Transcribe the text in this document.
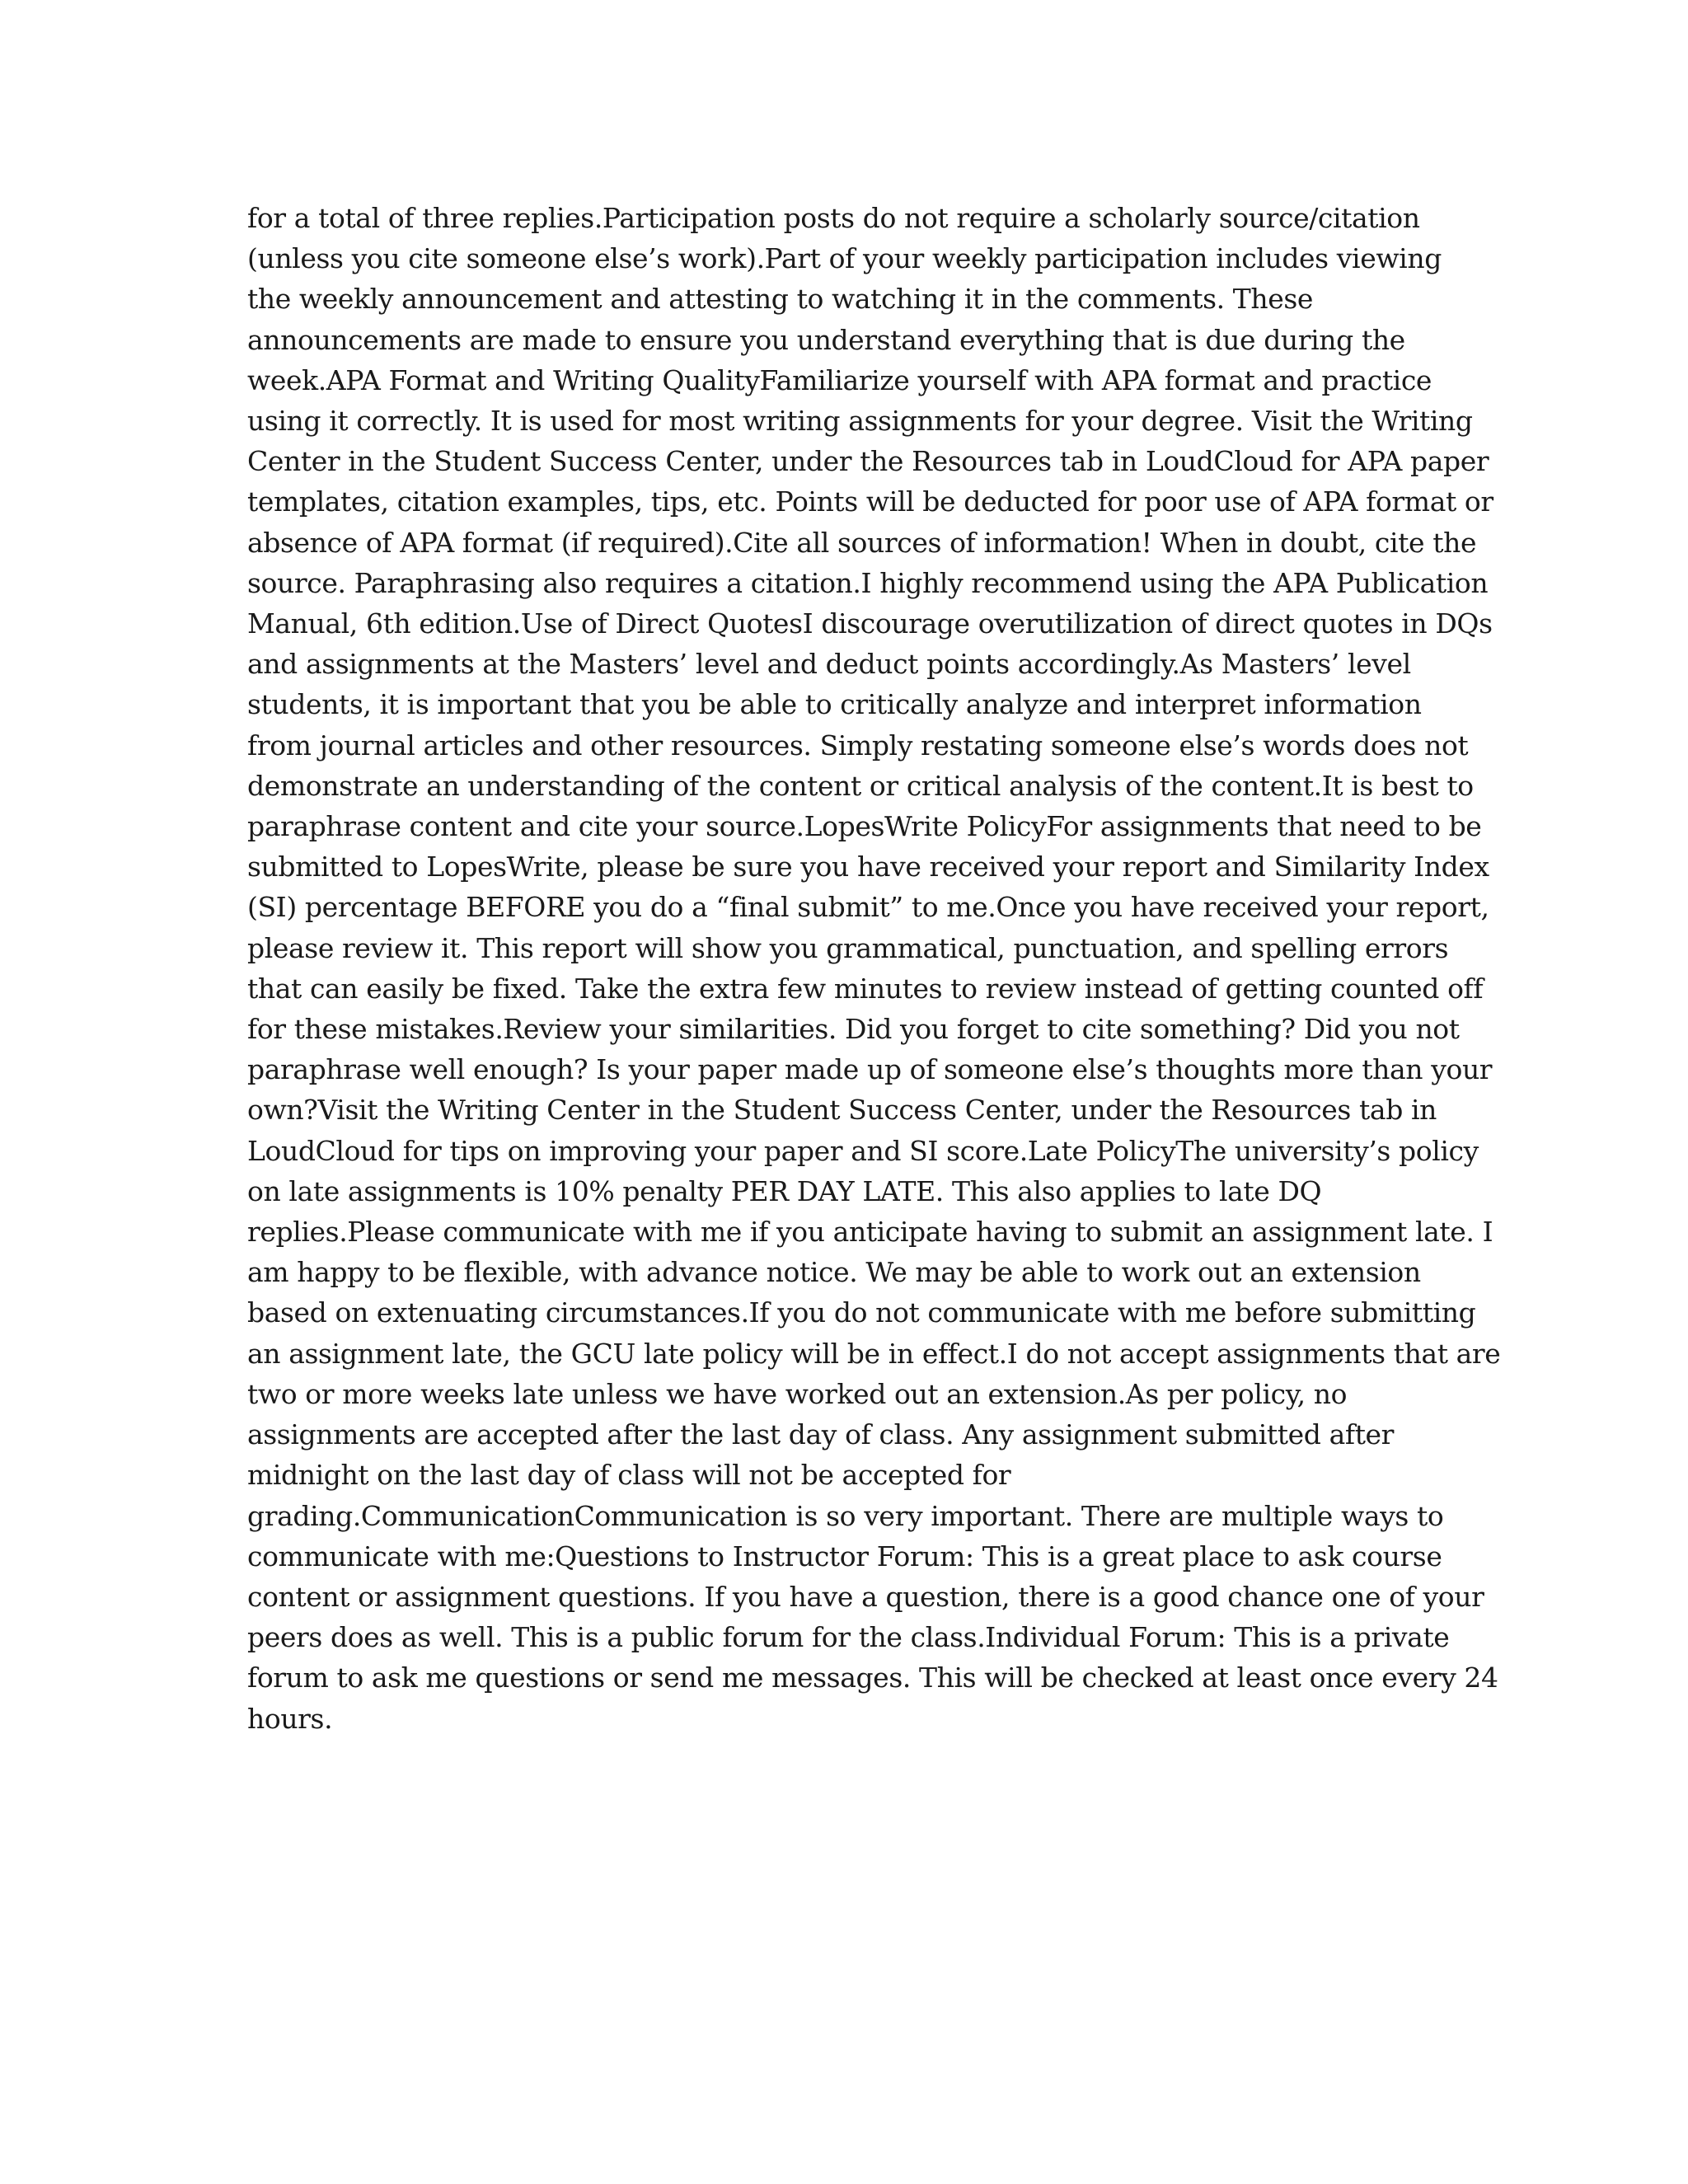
for a total of three replies.Participation posts do not require a scholarly source/citation
(unless you cite someone else’s work).Part of your weekly participation includes viewing
the weekly announcement and attesting to watching it in the comments. These
announcements are made to ensure you understand everything that is due during the
week.APA Format and Writing QualityFamiliarize yourself with APA format and practice
using it correctly. It is used for most writing assignments for your degree. Visit the Writing
Center in the Student Success Center, under the Resources tab in LoudCloud for APA paper
templates, citation examples, tips, etc. Points will be deducted for poor use of APA format or
absence of APA format (if required).Cite all sources of information! When in doubt, cite the
source. Paraphrasing also requires a citation.I highly recommend using the APA Publication
Manual, 6th edition.Use of Direct QuotesI discourage overutilization of direct quotes in DQs
and assignments at the Masters’ level and deduct points accordingly.As Masters’ level
students, it is important that you be able to critically analyze and interpret information
from journal articles and other resources. Simply restating someone else’s words does not
demonstrate an understanding of the content or critical analysis of the content.It is best to
paraphrase content and cite your source.LopesWrite PolicyFor assignments that need to be
submitted to LopesWrite, please be sure you have received your report and Similarity Index
(SI) percentage BEFORE you do a “final submit” to me.Once you have received your report,
please review it. This report will show you grammatical, punctuation, and spelling errors
that can easily be fixed. Take the extra few minutes to review instead of getting counted off
for these mistakes.Review your similarities. Did you forget to cite something? Did you not
paraphrase well enough? Is your paper made up of someone else’s thoughts more than your
own?Visit the Writing Center in the Student Success Center, under the Resources tab in
LoudCloud for tips on improving your paper and SI score.Late PolicyThe university’s policy
on late assignments is 10% penalty PER DAY LATE. This also applies to late DQ
replies.Please communicate with me if you anticipate having to submit an assignment late. I
am happy to be flexible, with advance notice. We may be able to work out an extension
based on extenuating circumstances.If you do not communicate with me before submitting
an assignment late, the GCU late policy will be in effect.I do not accept assignments that are
two or more weeks late unless we have worked out an extension.As per policy, no
assignments are accepted after the last day of class. Any assignment submitted after
midnight on the last day of class will not be accepted for
grading.CommunicationCommunication is so very important. There are multiple ways to
communicate with me:Questions to Instructor Forum: This is a great place to ask course
content or assignment questions. If you have a question, there is a good chance one of your
peers does as well. This is a public forum for the class.Individual Forum: This is a private
forum to ask me questions or send me messages. This will be checked at least once every 24
hours.
